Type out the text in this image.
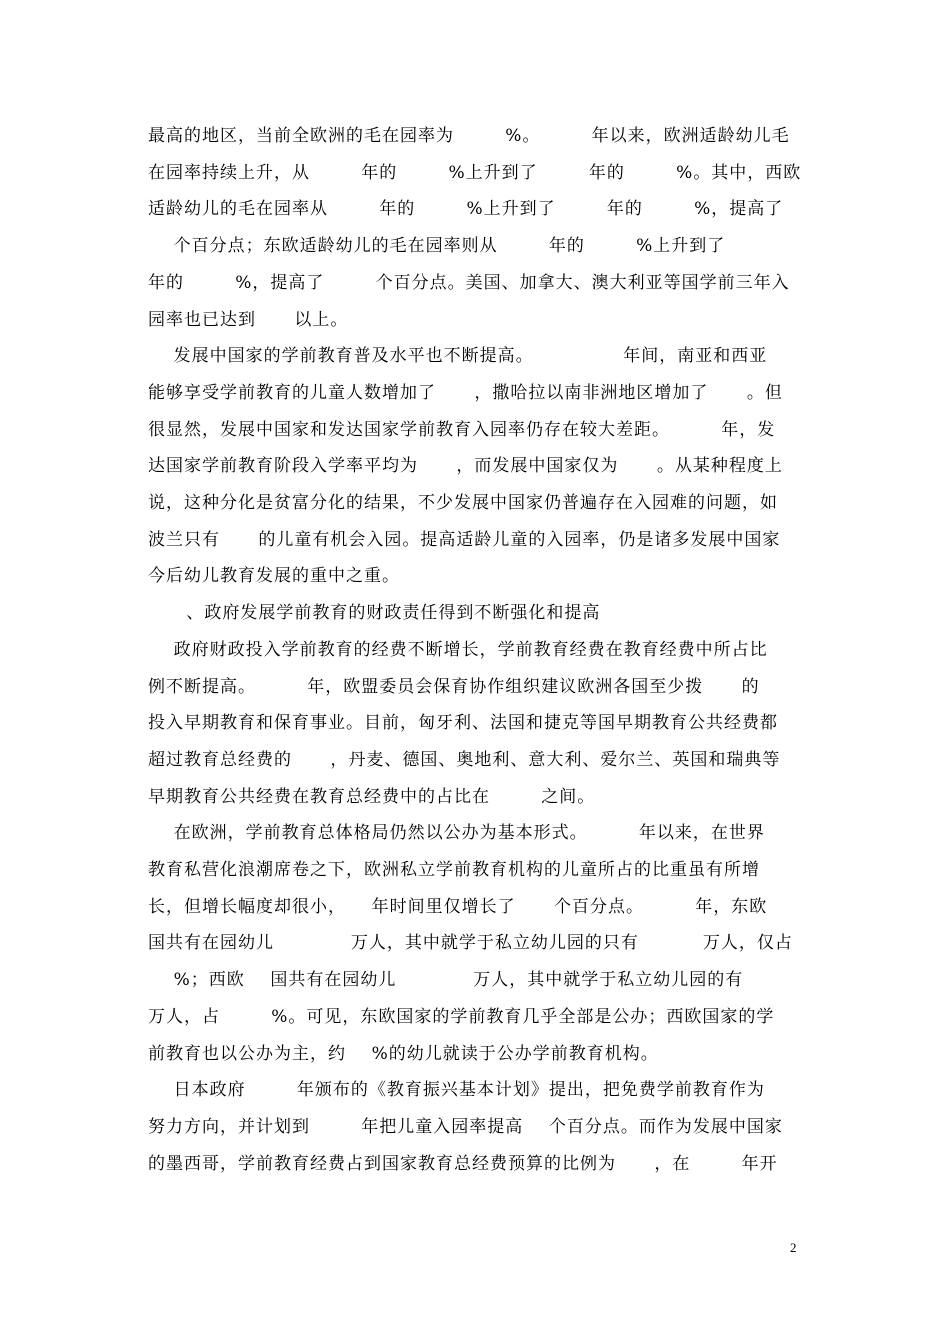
最高的地区，当前全欧洲的毛在园率为        %。        年以来，欧洲适龄幼儿毛
在园率持续上升，从        年的        %上升到了        年的        %。其中，西欧
适龄幼儿的毛在园率从        年的        %上升到了        年的        %，提高了
个百分点；东欧适龄幼儿的毛在园率则从        年的        %上升到了
年的        %，提高了        个百分点。美国、加拿大、澳大利亚等国学前三年入
园率也已达到      以上。
发展中国家的学前教育普及水平也不断提高。              年间，南亚和西亚
能够享受学前教育的儿童人数增加了      ，撒哈拉以南非洲地区增加了      。但
很显然，发展中国家和发达国家学前教育入园率仍存在较大差距。        年，发
达国家学前教育阶段入学率平均为      ，而发展中国家仅为      。从某种程度上
说，这种分化是贫富分化的结果，不少发展中国家仍普遍存在入园难的问题，如
波兰只有      的儿童有机会入园。提高适龄儿童的入园率，仍是诸多发展中国家
今后幼儿教育发展的重中之重。
、政府发展学前教育的财政责任得到不断强化和提高
政府财政投入学前教育的经费不断增长，学前教育经费在教育经费中所占比
例不断提高。        年，欧盟委员会保育协作组织建议欧洲各国至少拨      的
投入早期教育和保育事业。目前，匈牙利、法国和捷克等国早期教育公共经费都
超过教育总经费的      ，丹麦、德国、奥地利、意大利、爱尔兰、英国和瑞典等
早期教育公共经费在教育总经费中的占比在        之间。
在欧洲，学前教育总体格局仍然以公办为基本形式。        年以来，在世界
教育私营化浪潮席卷之下，欧洲私立学前教育机构的儿童所占的比重虽有所增
长，但增长幅度却很小，    年时间里仅增长了      个百分点。        年，东欧
国共有在园幼儿            万人，其中就学于私立幼儿园的只有          万人，仅占
%；西欧    国共有在园幼儿            万人，其中就学于私立幼儿园的有
万人，占        %。可见，东欧国家的学前教育几乎全部是公办；西欧国家的学
前教育也以公办为主，约    %的幼儿就读于公办学前教育机构。
日本政府        年颁布的《教育振兴基本计划》提出，把免费学前教育作为
努力方向，并计划到        年把儿童入园率提高    个百分点。而作为发展中国家
的墨西哥，学前教育经费占到国家教育总经费预算的比例为      ，在        年开
2
